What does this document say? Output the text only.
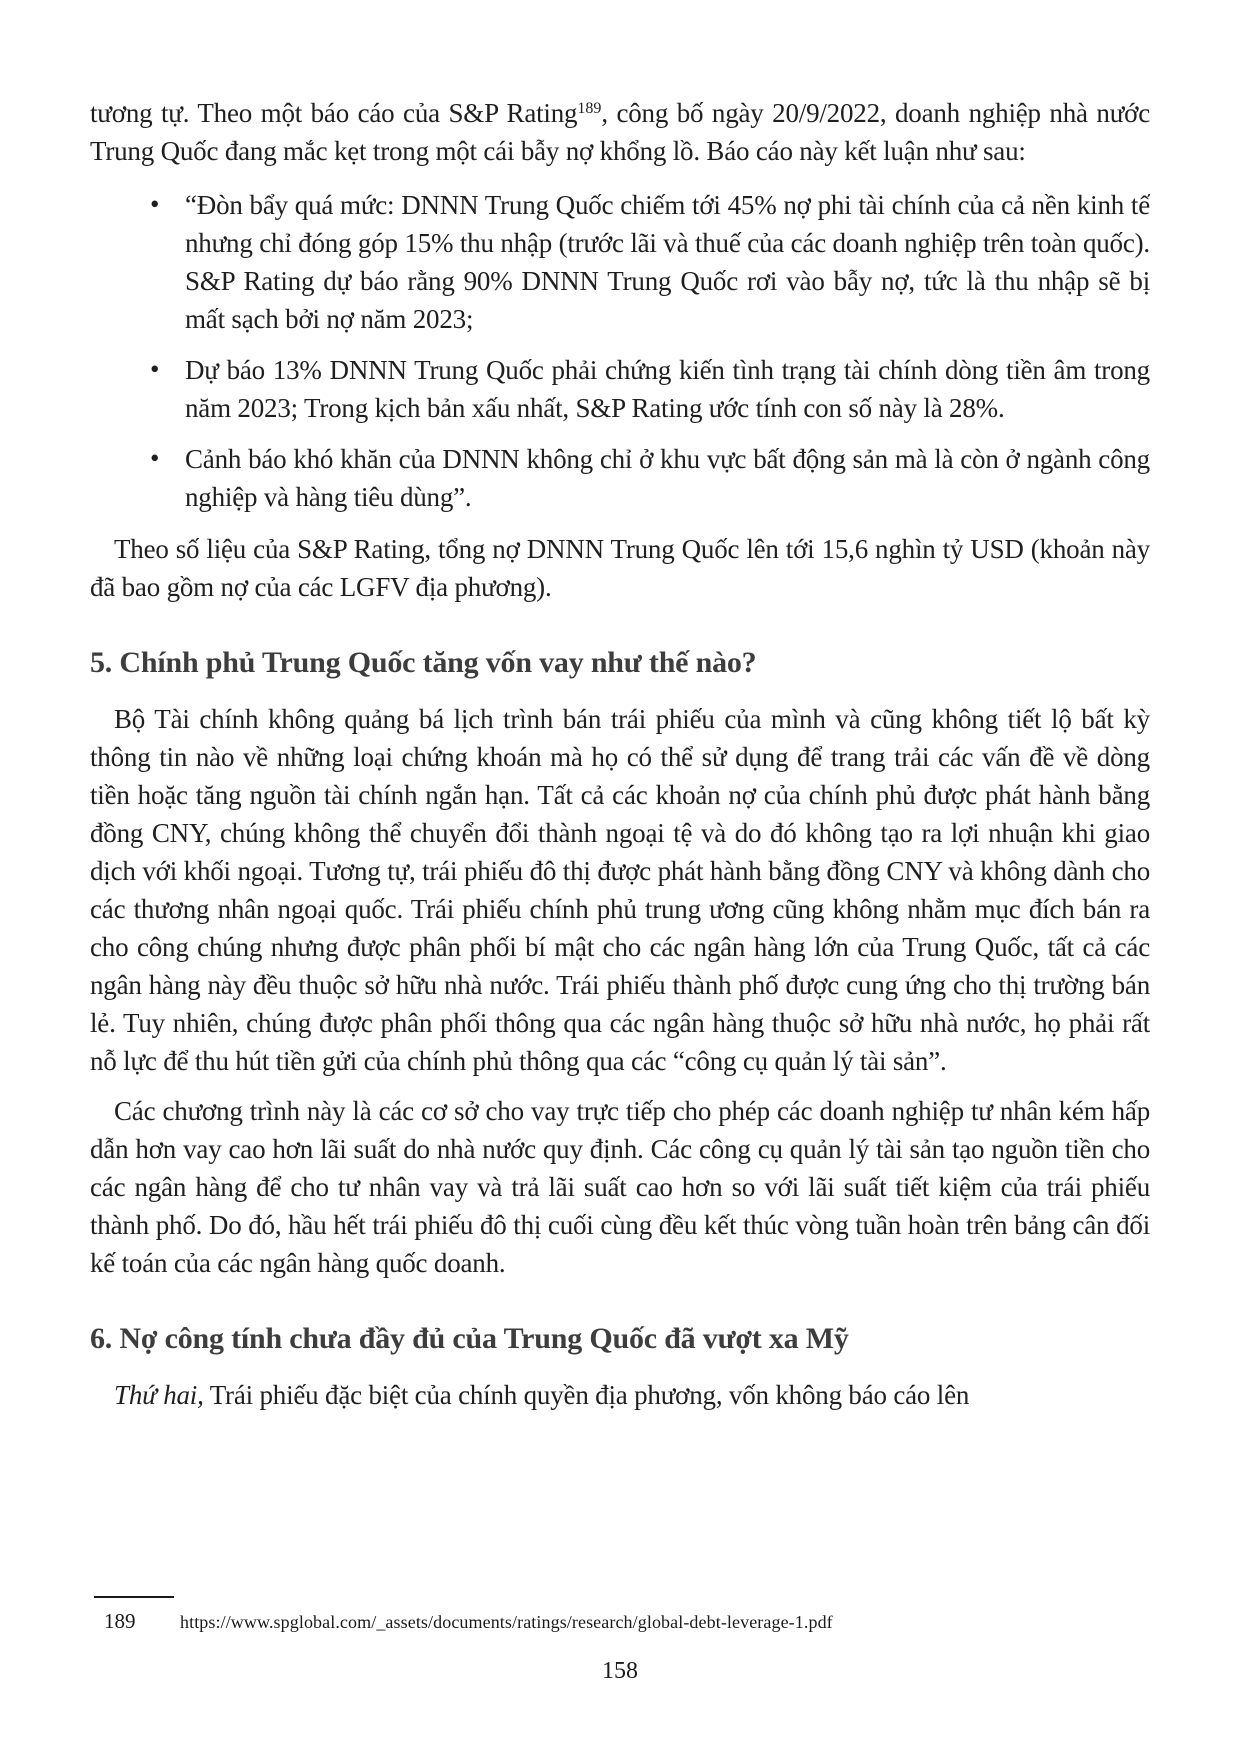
tương tự. Theo một báo cáo của S&P Rating$^{189}$, công bố ngày 20/9/2022, doanh nghiệp nhà nước Trung Quốc đang mắc kẹt trong một cái bẫy nợ khổng lồ. Báo cáo này kết luận như sau:

• “Đòn bẩy quá mức: DNNN Trung Quốc chiếm tới 45% nợ phi tài chính của cả nền kinh tế nhưng chỉ đóng góp 15% thu nhập (trước lãi và thuế của các doanh nghiệp trên toàn quốc). S&P Rating dự báo rằng 90% DNNN Trung Quốc rơi vào bẫy nợ, tức là thu nhập sẽ bị mất sạch bởi nợ năm 2023;
• Dự báo 13% DNNN Trung Quốc phải chứng kiến tình trạng tài chính dòng tiền âm trong năm 2023; Trong kịch bản xấu nhất, S&P Rating ước tính con số này là 28%.
• Cảnh báo khó khăn của DNNN không chỉ ở khu vực bất động sản mà là còn ở ngành công nghiệp và hàng tiêu dùng”.

Theo số liệu của S&P Rating, tổng nợ DNNN Trung Quốc lên tới 15,6 nghìn tỷ USD (khoản này đã bao gồm nợ của các LGFV địa phương).

5. Chính phủ Trung Quốc tăng vốn vay như thế nào?

Bộ Tài chính không quảng bá lịch trình bán trái phiếu của mình và cũng không tiết lộ bất kỳ thông tin nào về những loại chứng khoán mà họ có thể sử dụng để trang trải các vấn đề về dòng tiền hoặc tăng nguồn tài chính ngắn hạn. Tất cả các khoản nợ của chính phủ được phát hành bằng đồng CNY, chúng không thể chuyển đổi thành ngoại tệ và do đó không tạo ra lợi nhuận khi giao dịch với khối ngoại. Tương tự, trái phiếu đô thị được phát hành bằng đồng CNY và không dành cho các thương nhân ngoại quốc. Trái phiếu chính phủ trung ương cũng không nhằm mục đích bán ra cho công chúng nhưng được phân phối bí mật cho các ngân hàng lớn của Trung Quốc, tất cả các ngân hàng này đều thuộc sở hữu nhà nước. Trái phiếu thành phố được cung ứng cho thị trường bán lẻ. Tuy nhiên, chúng được phân phối thông qua các ngân hàng thuộc sở hữu nhà nước, họ phải rất nỗ lực để thu hút tiền gửi của chính phủ thông qua các “công cụ quản lý tài sản”.

Các chương trình này là các cơ sở cho vay trực tiếp cho phép các doanh nghiệp tư nhân kém hấp dẫn hơn vay cao hơn lãi suất do nhà nước quy định. Các công cụ quản lý tài sản tạo nguồn tiền cho các ngân hàng để cho tư nhân vay và trả lãi suất cao hơn so với lãi suất tiết kiệm của trái phiếu thành phố. Do đó, hầu hết trái phiếu đô thị cuối cùng đều kết thúc vòng tuần hoàn trên bảng cân đối kế toán của các ngân hàng quốc doanh.

6. Nợ công tính chưa đầy đủ của Trung Quốc đã vượt xa Mỹ

Thứ hai, Trái phiếu đặc biệt của chính quyền địa phương, vốn không báo cáo lên

189 https://www.spglobal.com/_assets/documents/ratings/research/global-debt-leverage-1.pdf
158
